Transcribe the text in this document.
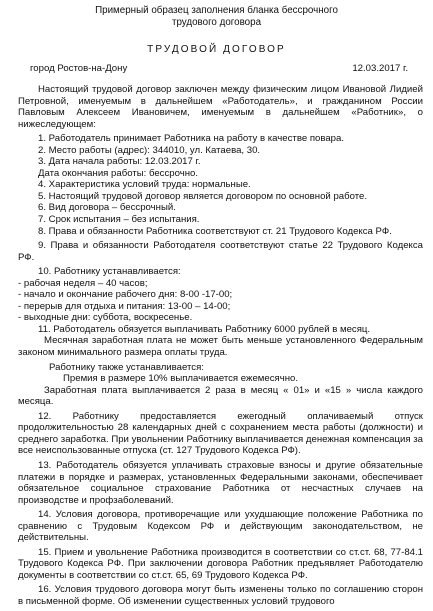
Примерный образец заполнения бланка бессрочного
трудового договора
ТРУДОВОЙ ДОГОВОР
город Ростов-на-Дону	12.03.2017 г.

Настоящий трудовой договор заключен между физическим лицом Ивановой Лидией Петровной, именуемым в дальнейшем «Работодатель», и гражданином России Павловым Алексеем Ивановичем, именуемым в дальнейшем «Работник», о нижеследующем:

1. Работодатель принимает Работника на работу в качестве повара.

2. Место работы (адрес): 344010, ул. Катаева, 30.

3. Дата начала работы: 12.03.2017 г.

Дата окончания работы: бессрочно.

4. Характеристика условий труда: нормальные.

5. Настоящий трудовой договор является договором по основной работе.

6. Вид договора – бессрочный.

7. Срок испытания – без испытания.

8. Права и обязанности Работника соответствуют ст. 21 Трудового Кодекса РФ.

9. Права и обязанности Работодателя соответствуют статье 22 Трудового Кодекса РФ.

10. Работнику устанавливается:

- рабочая неделя – 40 часов;

- начало и окончание рабочего дня: 8-00 -17-00;

- перерыв для отдыха и питания: 13-00 – 14-00;

- выходные дни: суббота, воскресенье.

11. Работодатель обязуется выплачивать Работнику 6000 рублей в месяц.

Месячная заработная плата не может быть меньше установленного Федеральным законом минимального размера оплаты труда.

Работнику также устанавливается:

Премия в размере 10% выплачивается ежемесячно.

Заработная плата выплачивается 2 раза в месяц « 01» и «15 » числа каждого месяца.

12. Работнику предоставляется ежегодный оплачиваемый отпуск продолжительностью 28 календарных дней с сохранением места работы (должности) и среднего заработка. При увольнении Работнику выплачивается денежная компенсация за все неиспользованные отпуска (ст. 127 Трудового Кодекса РФ).

13. Работодатель обязуется уплачивать страховые взносы и другие обязательные платежи в порядке и размерах, установленных Федеральными законами, обеспечивает обязательное социальное страхование Работника от несчастных случаев на производстве и профзаболеваний.

14. Условия договора, противоречащие или ухудшающие положение Работника по сравнению с Трудовым Кодексом РФ и действующим законодательством, не действительны.

15. Прием и увольнение Работника производится в соответствии со ст.ст. 68, 77-84.1 Трудового Кодекса РФ. При заключении договора Работник предъявляет Работодателю документы в соответствии со ст.ст. 65, 69 Трудового Кодекса РФ.

16. Условия трудового договора могут быть изменены только по соглашению сторон в письменной форме. Об изменении существенных условий трудового
